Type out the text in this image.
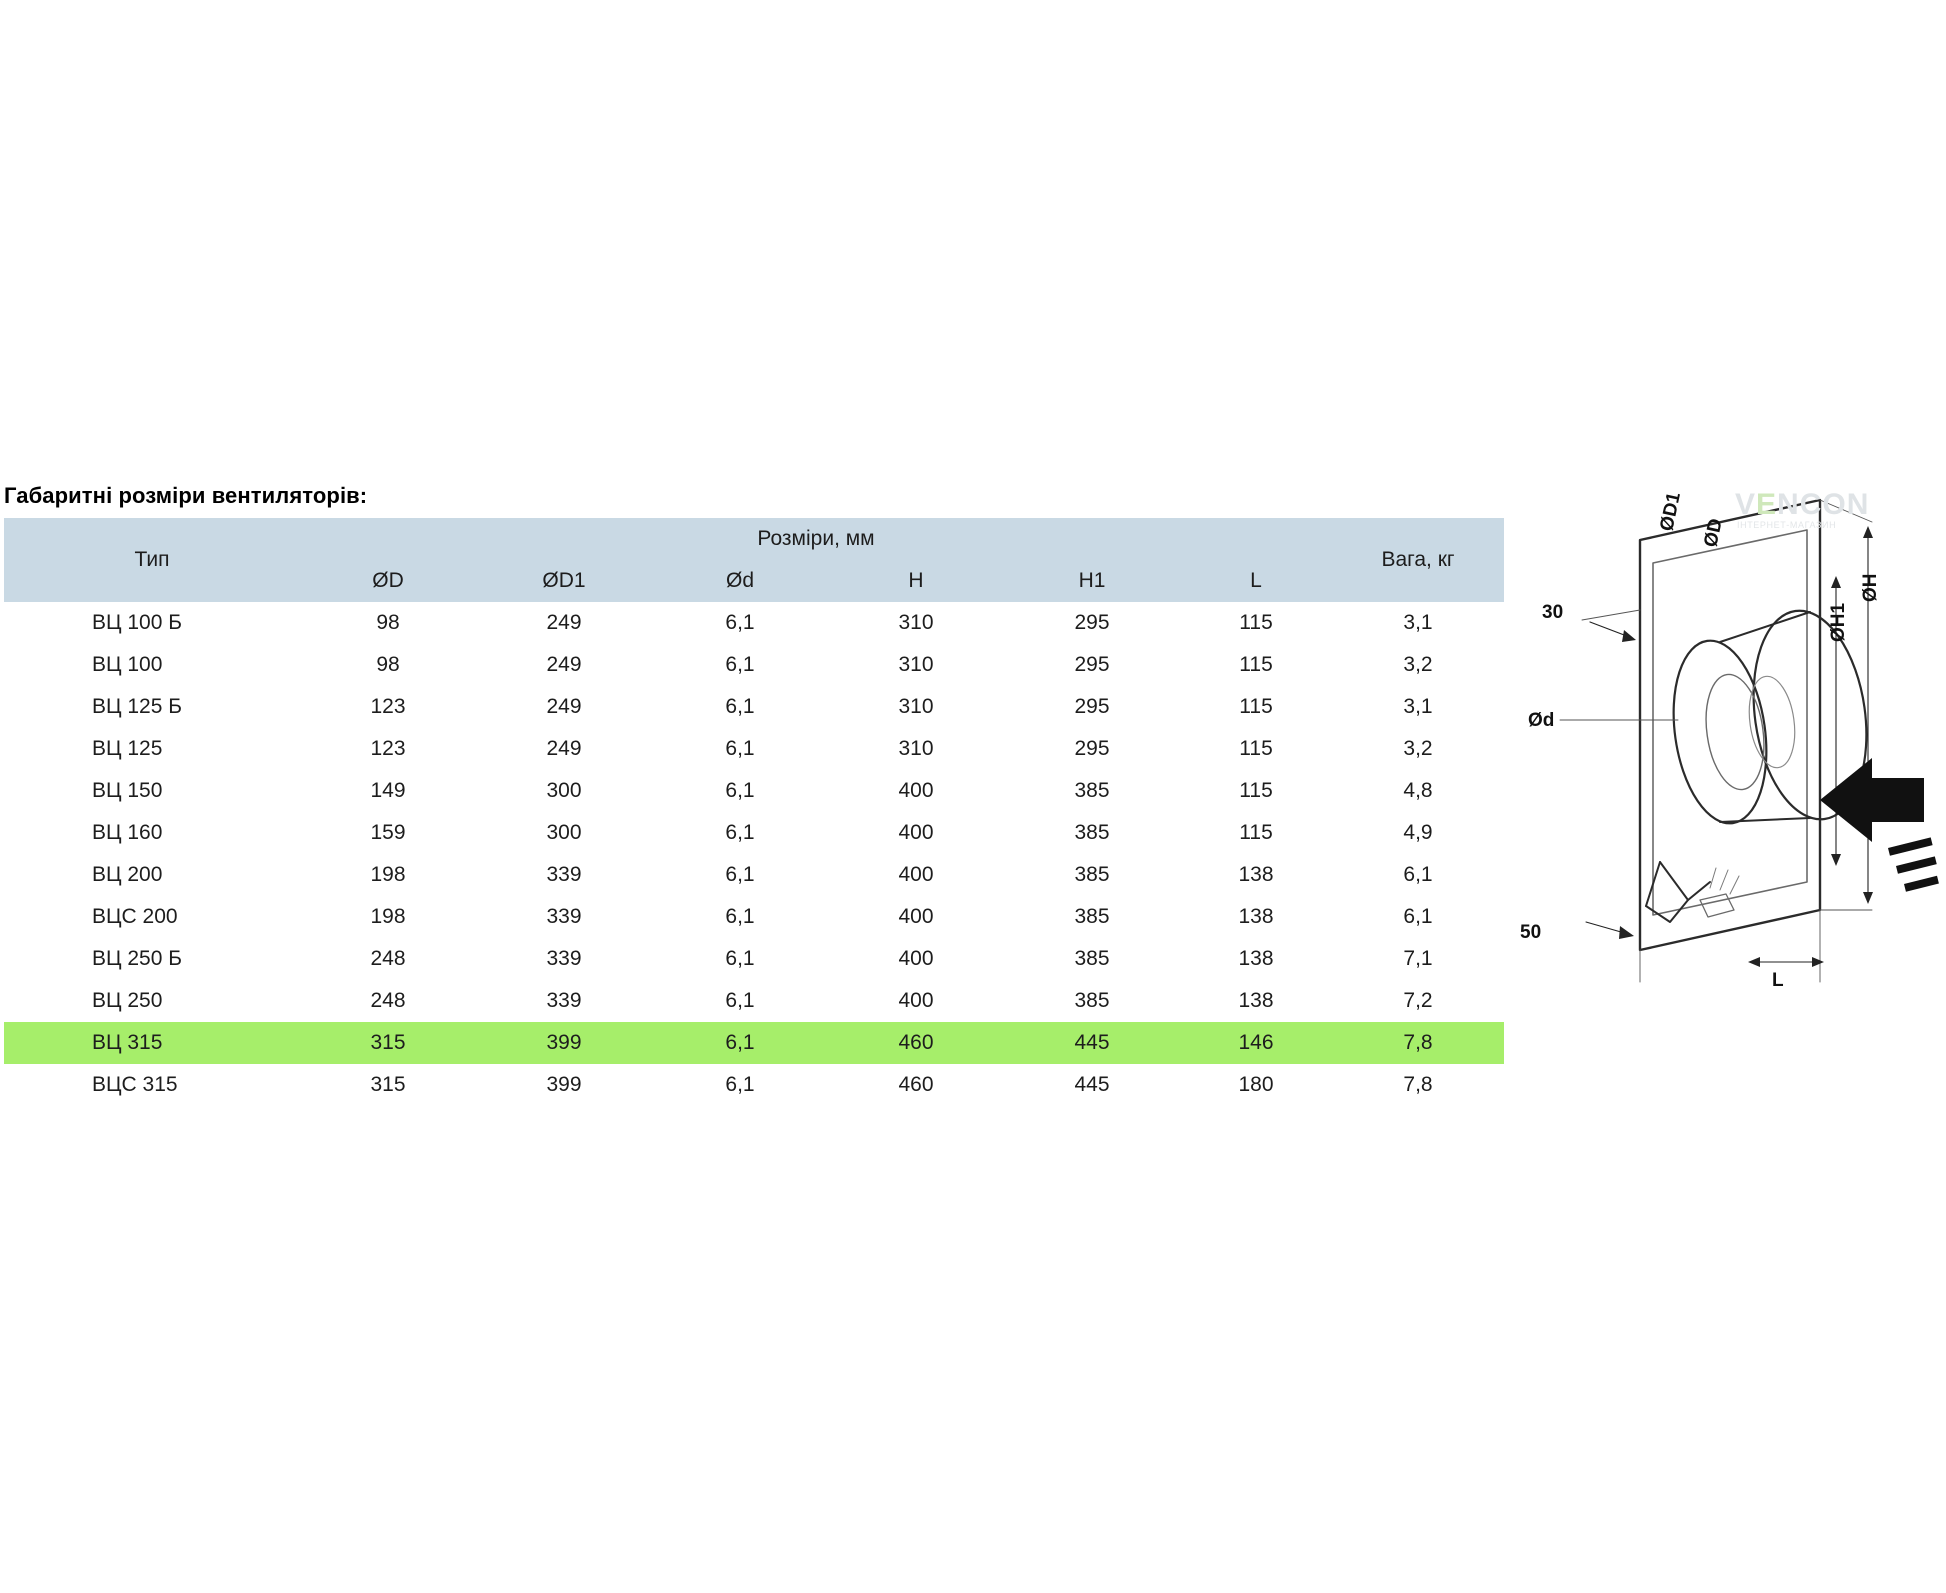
Габаритні розміри вентиляторів:
Тип	Розміри, мм						Вага, кг
	ØD	ØD1	Ød	H	H1	L	
ВЦ 100 Б	98	249	6,1	310	295	115	3,1
ВЦ 100	98	249	6,1	310	295	115	3,2
ВЦ 125 Б	123	249	6,1	310	295	115	3,1
ВЦ 125	123	249	6,1	310	295	115	3,2
ВЦ 150	149	300	6,1	400	385	115	4,8
ВЦ 160	159	300	6,1	400	385	115	4,9
ВЦ 200	198	339	6,1	400	385	138	6,1
ВЦС 200	198	339	6,1	400	385	138	6,1
ВЦ 250 Б	248	339	6,1	400	385	138	7,1
ВЦ 250	248	339	6,1	400	385	138	7,2
ВЦ 315	315	399	6,1	460	445	146	7,8
ВЦС 315	315	399	6,1	460	445	180	7,8
ØD1 ØD
ØH
ØH1
Ød
L
30
50
VENCON
ІНТЕРНЕТ-МАГАЗИН
